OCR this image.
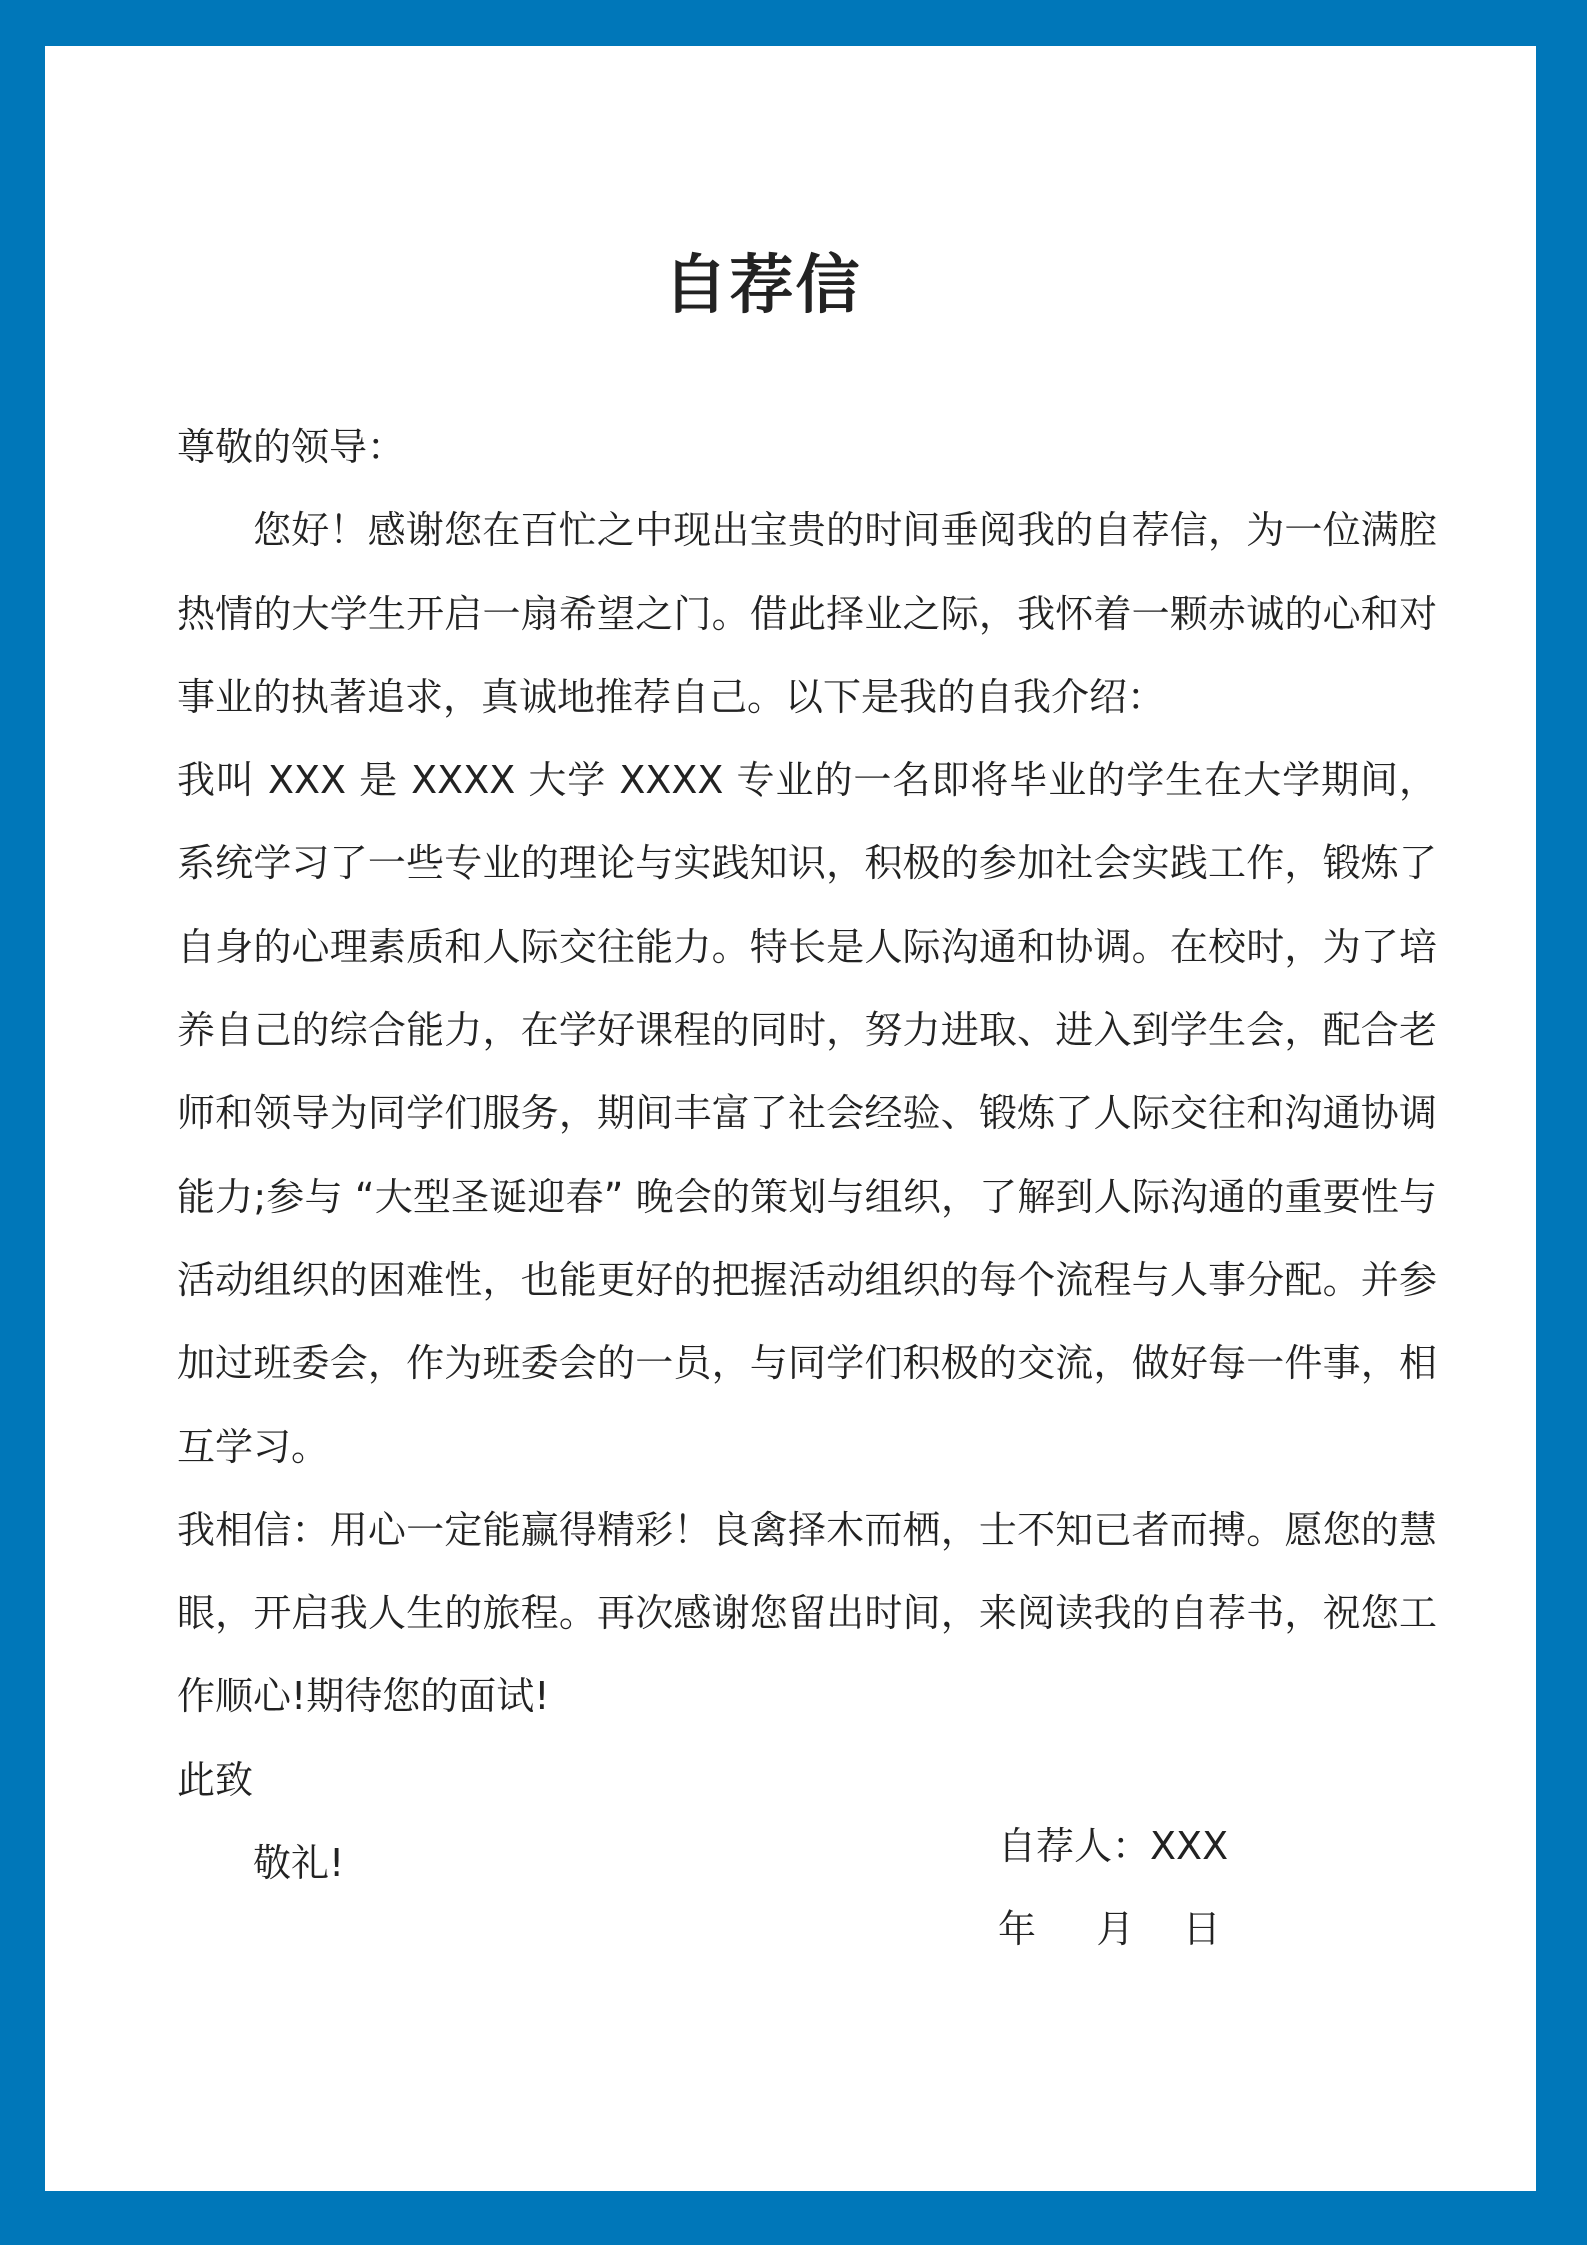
自荐信

尊敬的领导：

您好！感谢您在百忙之中现出宝贵的时间垂阅我的自荐信，为一位满腔热情的大学生开启一扇希望之门。借此择业之际，我怀着一颗赤诚的心和对事业的执著追求，真诚地推荐自己。以下是我的自我介绍：

我叫 XXX 是 XXXX 大学 XXXX 专业的一名即将毕业的学生在大学期间，系统学习了一些专业的理论与实践知识，积极的参加社会实践工作，锻炼了自身的心理素质和人际交往能力。特长是人际沟通和协调。在校时，为了培养自己的综合能力，在学好课程的同时，努力进取、进入到学生会，配合老师和领导为同学们服务，期间丰富了社会经验、锻炼了人际交往和沟通协调能力;参与 “大型圣诞迎春” 晚会的策划与组织，了解到人际沟通的重要性与活动组织的困难性，也能更好的把握活动组织的每个流程与人事分配。并参加过班委会，作为班委会的一员，与同学们积极的交流，做好每一件事，相互学习。

我相信：用心一定能赢得精彩！良禽择木而栖，士不知已者而搏。愿您的慧眼，开启我人生的旅程。再次感谢您留出时间，来阅读我的自荐书，祝您工作顺心!期待您的面试!

此致

敬礼!	自荐人：XXX
年     月    日
